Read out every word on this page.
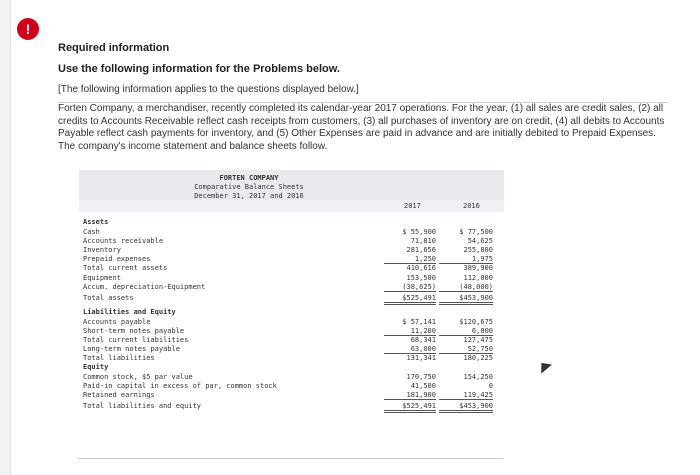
!
Required information
Use the following information for the Problems below.
[The following information applies to the questions displayed below.]
Forten Company, a merchandiser, recently completed its calendar-year 2017 operations. For the year, (1) all sales are credit sales, (2) all credits to Accounts Receivable reflect cash receipts from customers, (3) all purchases of inventory are on credit, (4) all debits to Accounts Payable reflect cash payments for inventory, and (5) Other Expenses are paid in advance and are initially debited to Prepaid Expenses. The company's income statement and balance sheets follow.
FORTEN COMPANY
Comparative Balance Sheets
December 31, 2017 and 2016
2017	2016
Assets
Cash	$ 55,900	$ 77,500
Accounts receivable	71,810	54,625
Inventory	281,656	255,800
Prepaid expenses	1,250	1,975
Total current assets	410,616	389,900
Equipment	153,500	112,000
Accum. depreciation-Equipment	(38,625)	(48,000)
Total assets	$525,491	$453,900
Liabilities and Equity
Accounts payable	$ 57,141	$120,675
Short-term notes payable	11,200	6,800
Total current liabilities	68,341	127,475
Long-term notes payable	63,000	52,750
Total liabilities	131,341	180,225
Equity
Common stock, $5 par value	170,750	154,250
Paid-in capital in excess of par, common stock	41,500	0
Retained earnings	181,900	119,425
Total liabilities and equity	$525,491	$453,900
